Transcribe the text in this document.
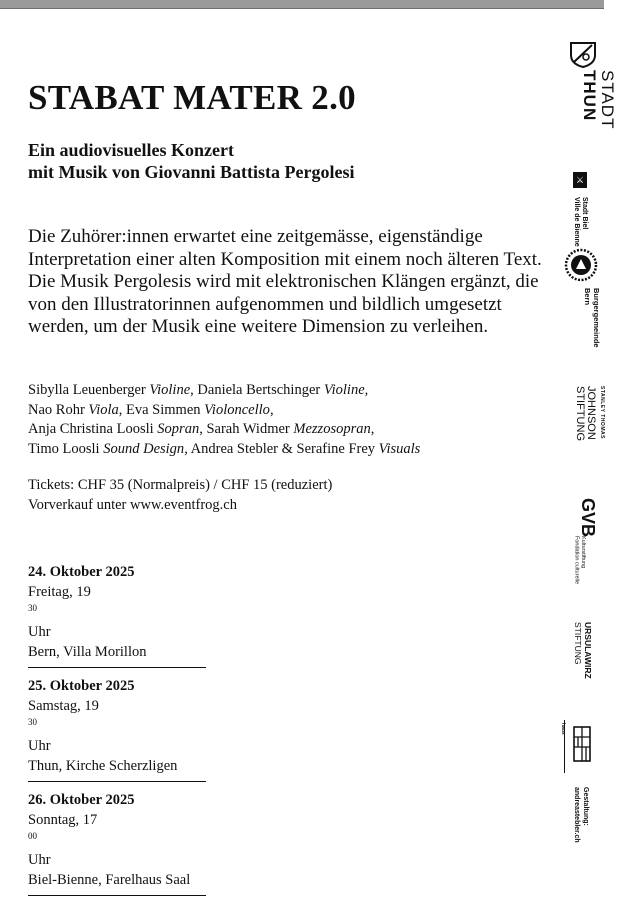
STABAT MATER 2.0

Ein audiovisuelles Konzert
mit Musik von Giovanni Battista Pergolesi

Die Zuhörer:innen erwartet eine zeitgemässe, eigenständige Interpretation einer alten Komposition mit einem noch älteren Text. Die Musik Pergolesis wird mit elektronischen Klängen ergänzt, die von den Illustratorinnen aufgenommen und bildlich umgesetzt werden, um der Musik eine weitere Dimension zu verleihen.

Sibylla Leuenberger Violine, Daniela Bertschinger Violine,
Nao Rohr Viola, Eva Simmen Violoncello,
Anja Christina Loosli Sopran, Sarah Widmer Mezzosopran,
Timo Loosli Sound Design, Andrea Stebler & Serafine Frey Visuals

Tickets: CHF 35 (Normalpreis) / CHF 15 (reduziert)
Vorverkauf unter www.eventfrog.ch

24. Oktober 2025
Freitag, 19
$^{30}$
Uhr
Bern, Villa Morillon
25. Oktober 2025
Samstag, 19
$^{30}$
Uhr
Thun, Kirche Scherzligen
26. Oktober 2025
Sonntag, 17
$^{00}$
Uhr
Biel-Bienne, Farelhaus Saal
STADT
THUN
⚔
Stadt Biel
Ville de Bienne
Burgergemeinde
Bern
STANLEY THOMAS
JOHNSON
STIFTUNG
GVB
Kulturstiftung
Fondation culturelle
URSULAWIRZ
STIFTUNG
haus
Gestaltung:
andreastebler.ch
